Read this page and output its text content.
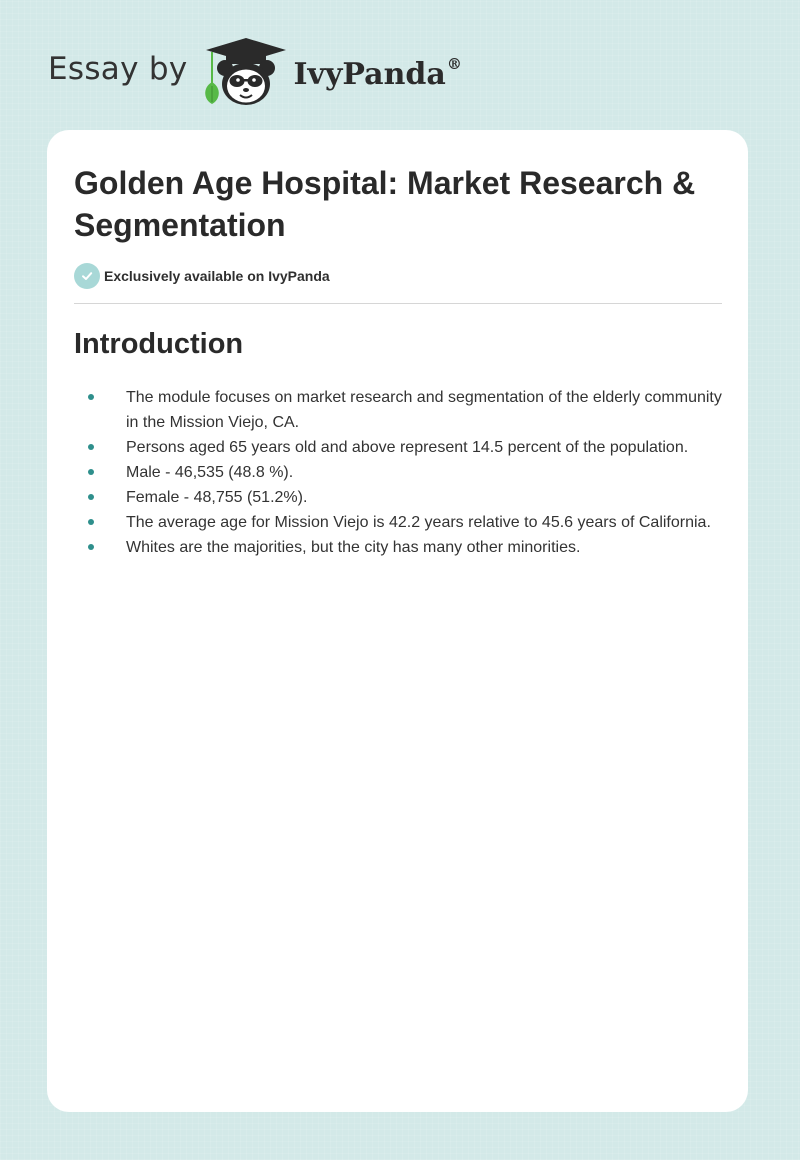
Essay by	IvyPanda®
Golden Age Hospital: Market Research & Segmentation
Exclusively available on IvyPanda
Introduction
The module focuses on market research and segmentation of the elderly community in the Mission Viejo, CA.
Persons aged 65 years old and above represent 14.5 percent of the population.
Male - 46,535 (48.8 %).
Female - 48,755 (51.2%).
The average age for Mission Viejo is 42.2 years relative to 45.6 years of California.
Whites are the majorities, but the city has many other minorities.
